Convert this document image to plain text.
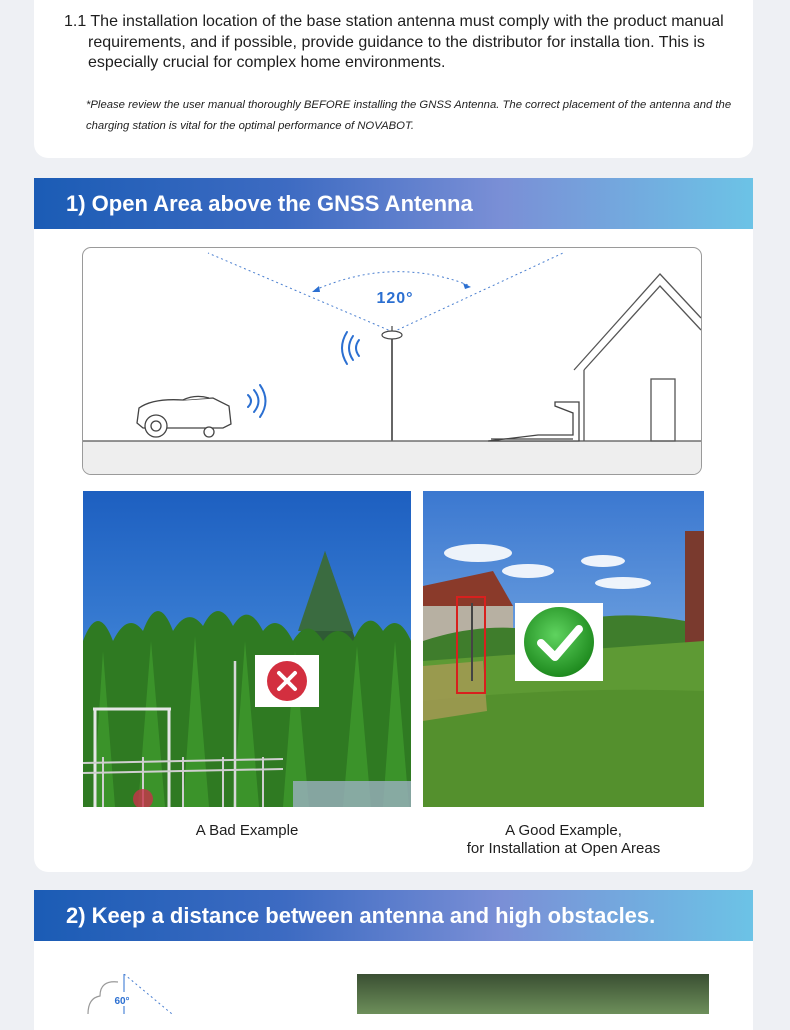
1.1 The installation location of the base station antenna must comply with the product manual requirements, and if possible, provide guidance to the distributor for installa tion. This is especially crucial for complex home environments.
*Please review the user manual thoroughly BEFORE installing the GNSS Antenna. The correct placement of the antenna and the charging station is vital for the optimal performance of NOVABOT.
1) Open Area above the GNSS Antenna
120°
A Bad Example	A Good Example,
for Installation at Open Areas
2) Keep a distance between antenna and high obstacles.
60°
